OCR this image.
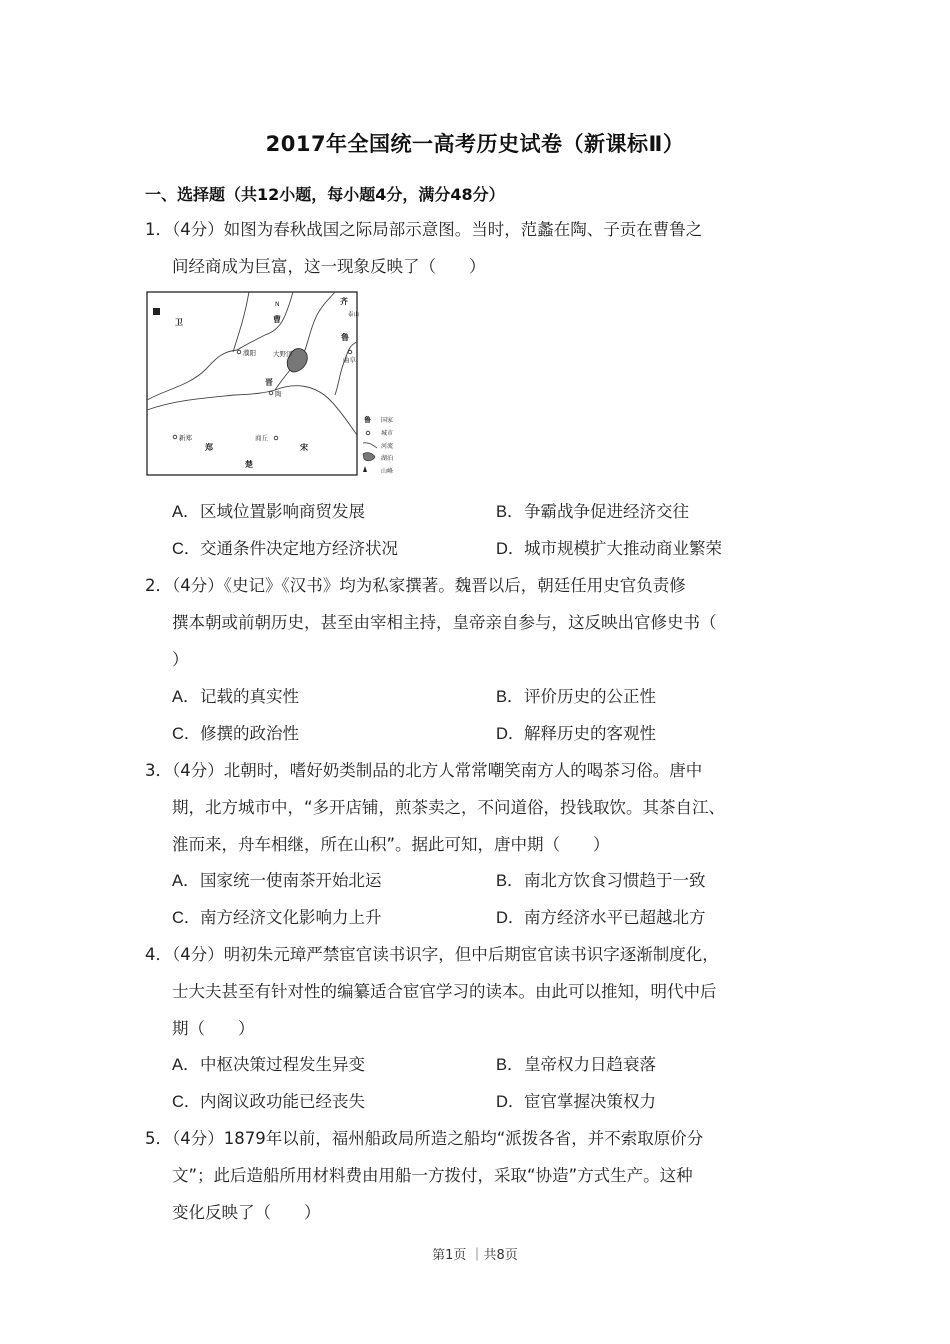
2017年全国统一高考历史试卷（新课标Ⅱ）
一、选择题（共12小题，每小题4分，满分48分）
1．（4分）如图为春秋战国之际局部示意图。当时，范蠡在陶、子贡在曹鲁之
间经商成为巨富，这一现象反映了（　　）
卫	曹
N	齐
鲁
晋
郑	宋
楚
濮阳	大野泽
陶
曲阜
新郑	商丘
泰山
鲁 国家
城市
河流
湖泊
山峰
A．区域位置影响商贸发展	B．争霸战争促进经济交往
C．交通条件决定地方经济状况	D．城市规模扩大推动商业繁荣
2．（4分）《史记》《汉书》均为私家撰著。魏晋以后，朝廷任用史官负责修
撰本朝或前朝历史，甚至由宰相主持，皇帝亲自参与，这反映出官修史书（
）
A．记载的真实性	B．评价历史的公正性
C．修撰的政治性	D．解释历史的客观性
3．（4分）北朝时，嗜好奶类制品的北方人常常嘲笑南方人的喝茶习俗。唐中
期，北方城市中，“多开店铺，煎茶卖之，不问道俗，投钱取饮。其茶自江、
淮而来，舟车相继，所在山积”。据此可知，唐中期（　　）
A．国家统一使南茶开始北运	B．南北方饮食习惯趋于一致
C．南方经济文化影响力上升	D．南方经济水平已超越北方
4．（4分）明初朱元璋严禁宦官读书识字，但中后期宦官读书识字逐渐制度化，
士大夫甚至有针对性的编纂适合宦官学习的读本。由此可以推知，明代中后
期（　　）
A．中枢决策过程发生异变	B．皇帝权力日趋衰落
C．内阁议政功能已经丧失	D．宦官掌握决策权力
5．（4分）1879年以前，福州船政局所造之船均“派拨各省，并不索取原价分
文”；此后造船所用材料费由用船一方拨付，采取“协造”方式生产。这种
变化反映了（　　）
第1页 ｜共8页
